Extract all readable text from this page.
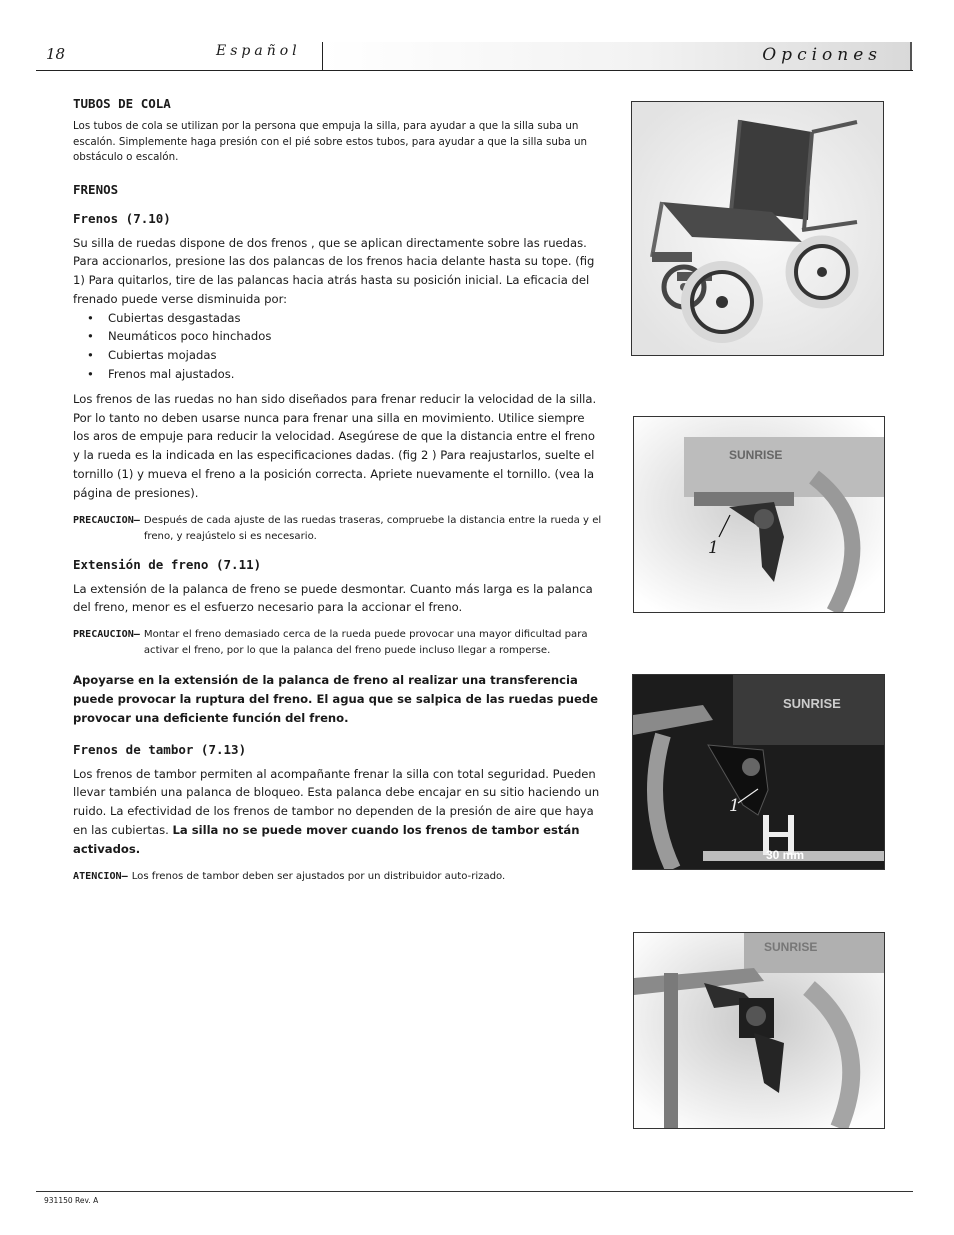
18	Español	Opciones
TUBOS DE COLA

Los tubos de cola se utilizan por la persona que empuja la silla, para ayudar a que la silla suba un escalón. Simplemente haga presión con el pié sobre estos tubos, para ayudar a que la silla suba un obstáculo o escalón.

FRENOS
Frenos (7.10)

Su silla de ruedas dispone de dos frenos , que se aplican directamente sobre las ruedas. Para accionarlos, presione las dos palancas de los frenos hacia delante hasta su tope. (fig 1) Para quitarlos, tire de las palancas hacia atrás hasta su posición inicial. La eficacia del frenado puede verse disminuida por:

• Cubiertas desgastadas
• Neumáticos poco hinchados
• Cubiertas mojadas
• Frenos mal ajustados.

Los frenos de las ruedas no han sido diseñados para frenar reducir la velocidad de la silla. Por lo tanto no deben usarse nunca para frenar una silla en movimiento. Utilice siempre los aros de empuje para reducir la velocidad. Asegúrese de que la distancia entre el freno y la rueda es la indicada en las especificaciones dadas. (fig 2 ) Para reajustarlos, suelte el tornillo (1) y mueva el freno a la posición correcta. Apriete nuevamente el tornillo. (vea la página de presiones).

PRECAUCION– Después de cada ajuste de las ruedas traseras, compruebe la distancia entre la rueda y el freno, y reajústelo si es necesario.
Extensión de freno (7.11)

La extensión de la palanca de freno se puede desmontar. Cuanto más larga es la palanca del freno, menor es el esfuerzo necesario para la accionar el freno.

PRECAUCION– Montar el freno demasiado cerca de la rueda puede provocar una mayor dificultad para activar el freno, por lo que la palanca del freno puede incluso llegar a romperse.

Apoyarse en la extensión de la palanca de freno al realizar una transferencia puede provocar la ruptura del freno. El agua que se salpica de las ruedas puede provocar una deficiente función del freno.

Frenos de tambor (7.13)

Los frenos de tambor permiten al acompañante frenar la silla con total seguridad. Pueden llevar también una palanca de bloqueo. Esta palanca debe encajar en su sitio haciendo un ruido. La efectividad de los frenos de tambor no dependen de la presión de aire que haya en las cubiertas. La silla no se puede mover cuando los frenos de tambor están activados.

ATENCION– Los frenos de tambor deben ser ajustados por un distribuidor auto-rizado.
SUNRISE
1
SUNRISE
1
30 mm
SUNRISE
931150 Rev. A
